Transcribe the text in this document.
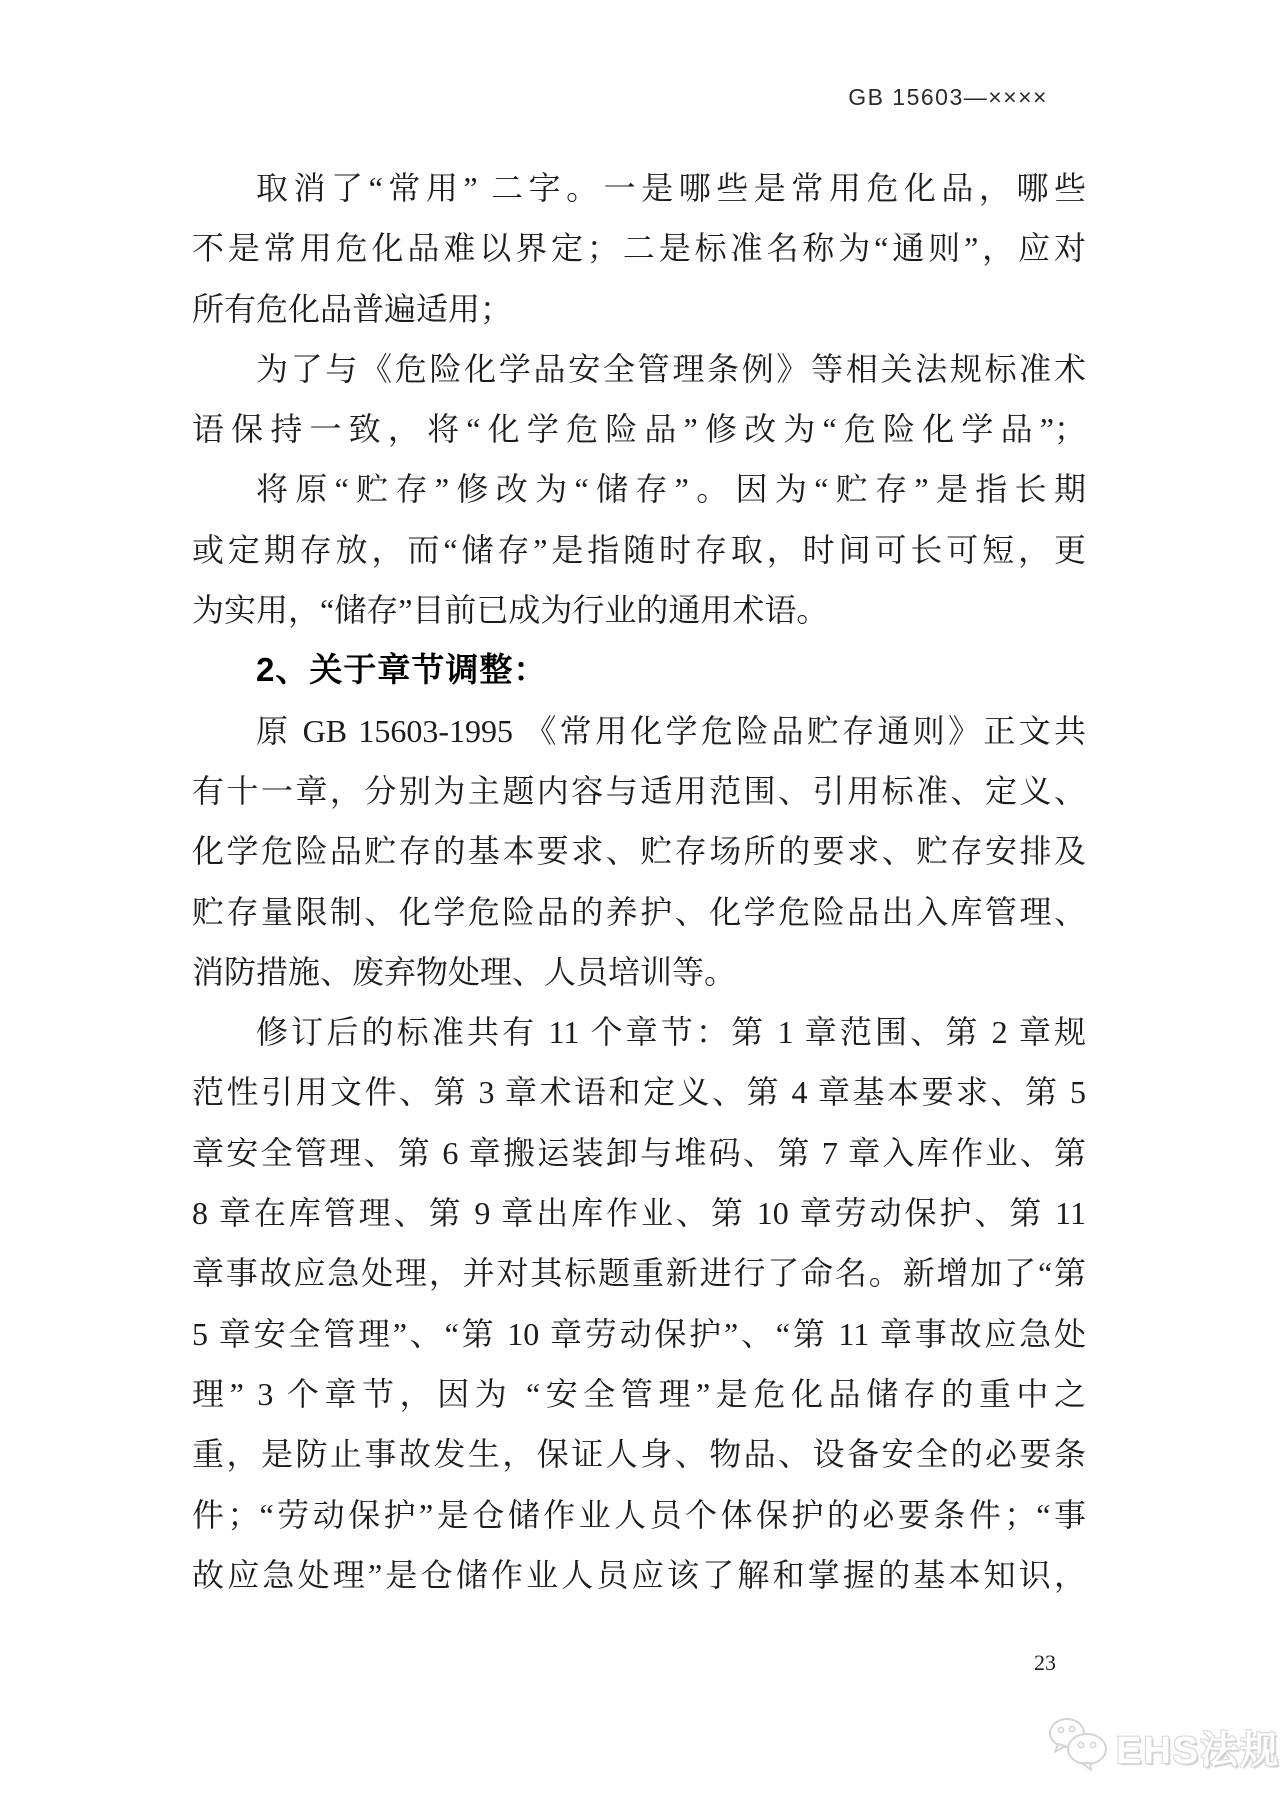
GB 15603—××××
取消了“常用” 二字。一是哪些是常用危化品，哪些
不是常用危化品难以界定；二是标准名称为“通则”，应对
所有危化品普遍适用；
为了与《危险化学品安全管理条例》等相关法规标准术
语保持一致，将“化学危险品”修改为“危险化学品”；
将原“贮存”修改为“储存”。因为“贮存”是指长期
或定期存放，而“储存”是指随时存取，时间可长可短，更
为实用，“储存”目前已成为行业的通用术语。
2、关于章节调整：
原 GB 15603-1995 《常用化学危险品贮存通则》正文共
有十一章，分别为主题内容与适用范围、引用标准、定义、
化学危险品贮存的基本要求、贮存场所的要求、贮存安排及
贮存量限制、化学危险品的养护、化学危险品出入库管理、
消防措施、废弃物处理、人员培训等。
修订后的标准共有 11 个章节：第 1 章范围、第 2 章规
范性引用文件、第 3 章术语和定义、第 4 章基本要求、第 5
章安全管理、第 6 章搬运装卸与堆码、第 7 章入库作业、第
8 章在库管理、第 9 章出库作业、第 10 章劳动保护、第 11
章事故应急处理，并对其标题重新进行了命名。新增加了“第
5 章安全管理”、“第 10 章劳动保护”、“第 11 章事故应急处
理” 3 个章节，因为 “安全管理”是危化品储存的重中之
重，是防止事故发生，保证人身、物品、设备安全的必要条
件；“劳动保护”是仓储作业人员个体保护的必要条件；“事
故应急处理”是仓储作业人员应该了解和掌握的基本知识，
23
EHS法规
